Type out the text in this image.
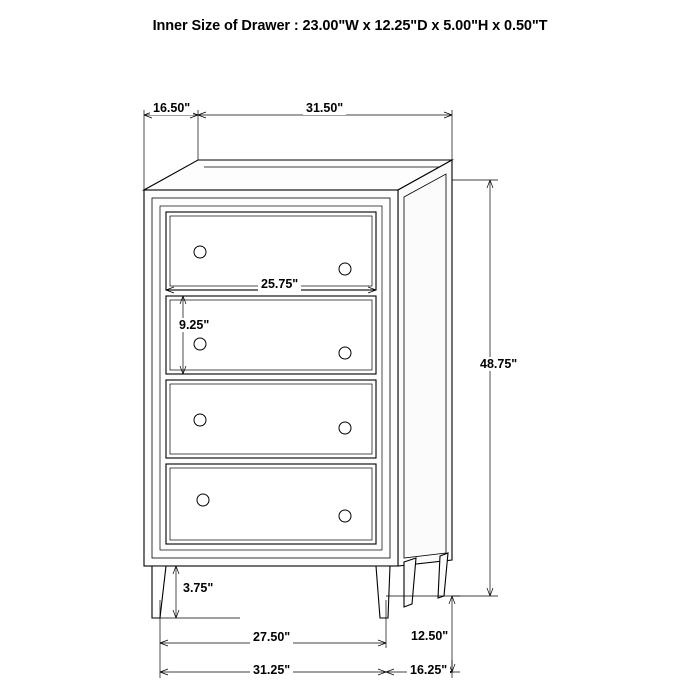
Inner Size of Drawer : 23.00"W x 12.25"D x 5.00"H x 0.50"T
16.50"	31.50"
25.75"
9.25"
48.75"
3.75"
27.50"	12.50"
31.25"	16.25"
